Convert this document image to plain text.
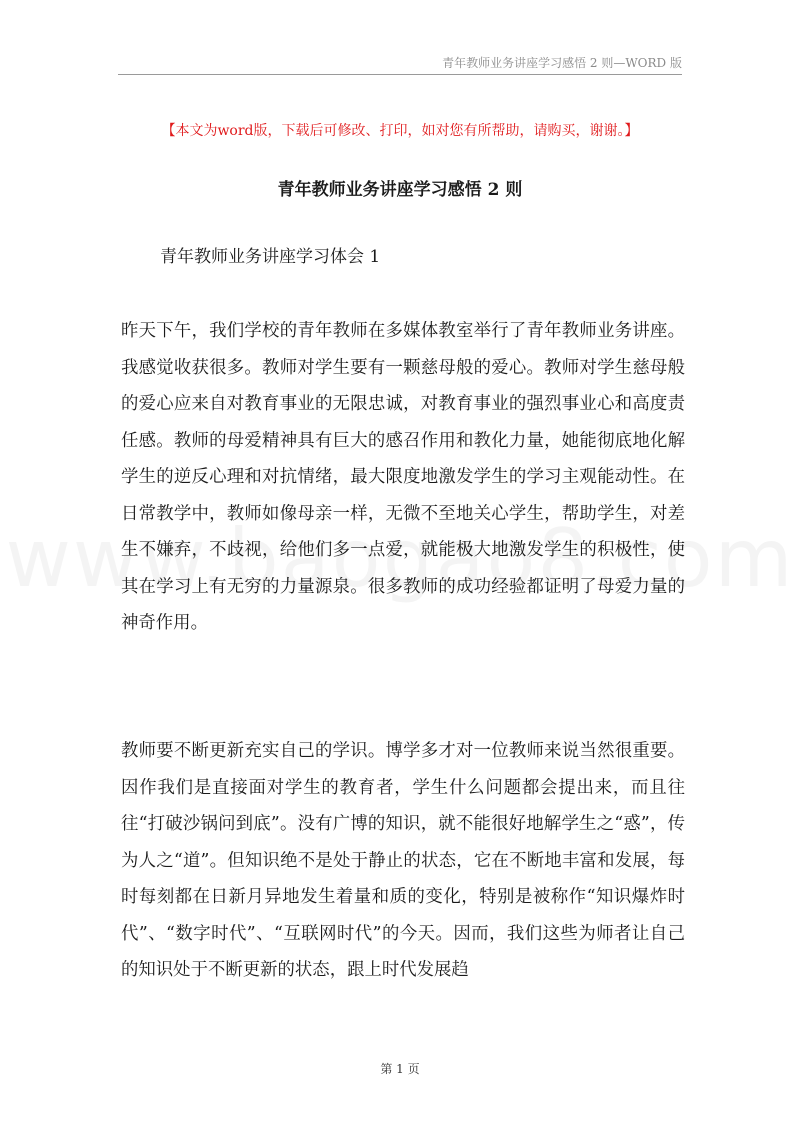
青年教师业务讲座学习感悟 2 则—WORD 版
【本文为word版，下载后可修改、打印，如对您有所帮助，请购买，谢谢。】
青年教师业务讲座学习感悟 2 则
青年教师业务讲座学习体会 1

昨天下午，我们学校的青年教师在多媒体教室举行了青年教师业务讲座。我感觉收获很多。教师对学生要有一颗慈母般的爱心。教师对学生慈母般的爱心应来自对教育事业的无限忠诚，对教育事业的强烈事业心和高度责任感。教师的母爱精神具有巨大的感召作用和教化力量，她能彻底地化解学生的逆反心理和对抗情绪，最大限度地激发学生的学习主观能动性。在日常教学中，教师如像母亲一样，无微不至地关心学生，帮助学生，对差生不嫌弃，不歧视，给他们多一点爱，就能极大地激发学生的积极性，使其在学习上有无穷的力量源泉。很多教师的成功经验都证明了母爱力量的神奇作用。

教师要不断更新充实自己的学识。博学多才对一位教师来说当然很重要。因作我们是直接面对学生的教育者，学生什么问题都会提出来，而且往往“打破沙锅问到底”。没有广博的知识，就不能很好地解学生之“惑”，传为人之“道”。但知识绝不是处于静止的状态，它在不断地丰富和发展，每时每刻都在日新月异地发生着量和质的变化，特别是被称作“知识爆炸时代”、“数字时代”、“互联网时代”的今天。因而，我们这些为师者让自己的知识处于不断更新的状态，跟上时代发展趋

第 1 页
